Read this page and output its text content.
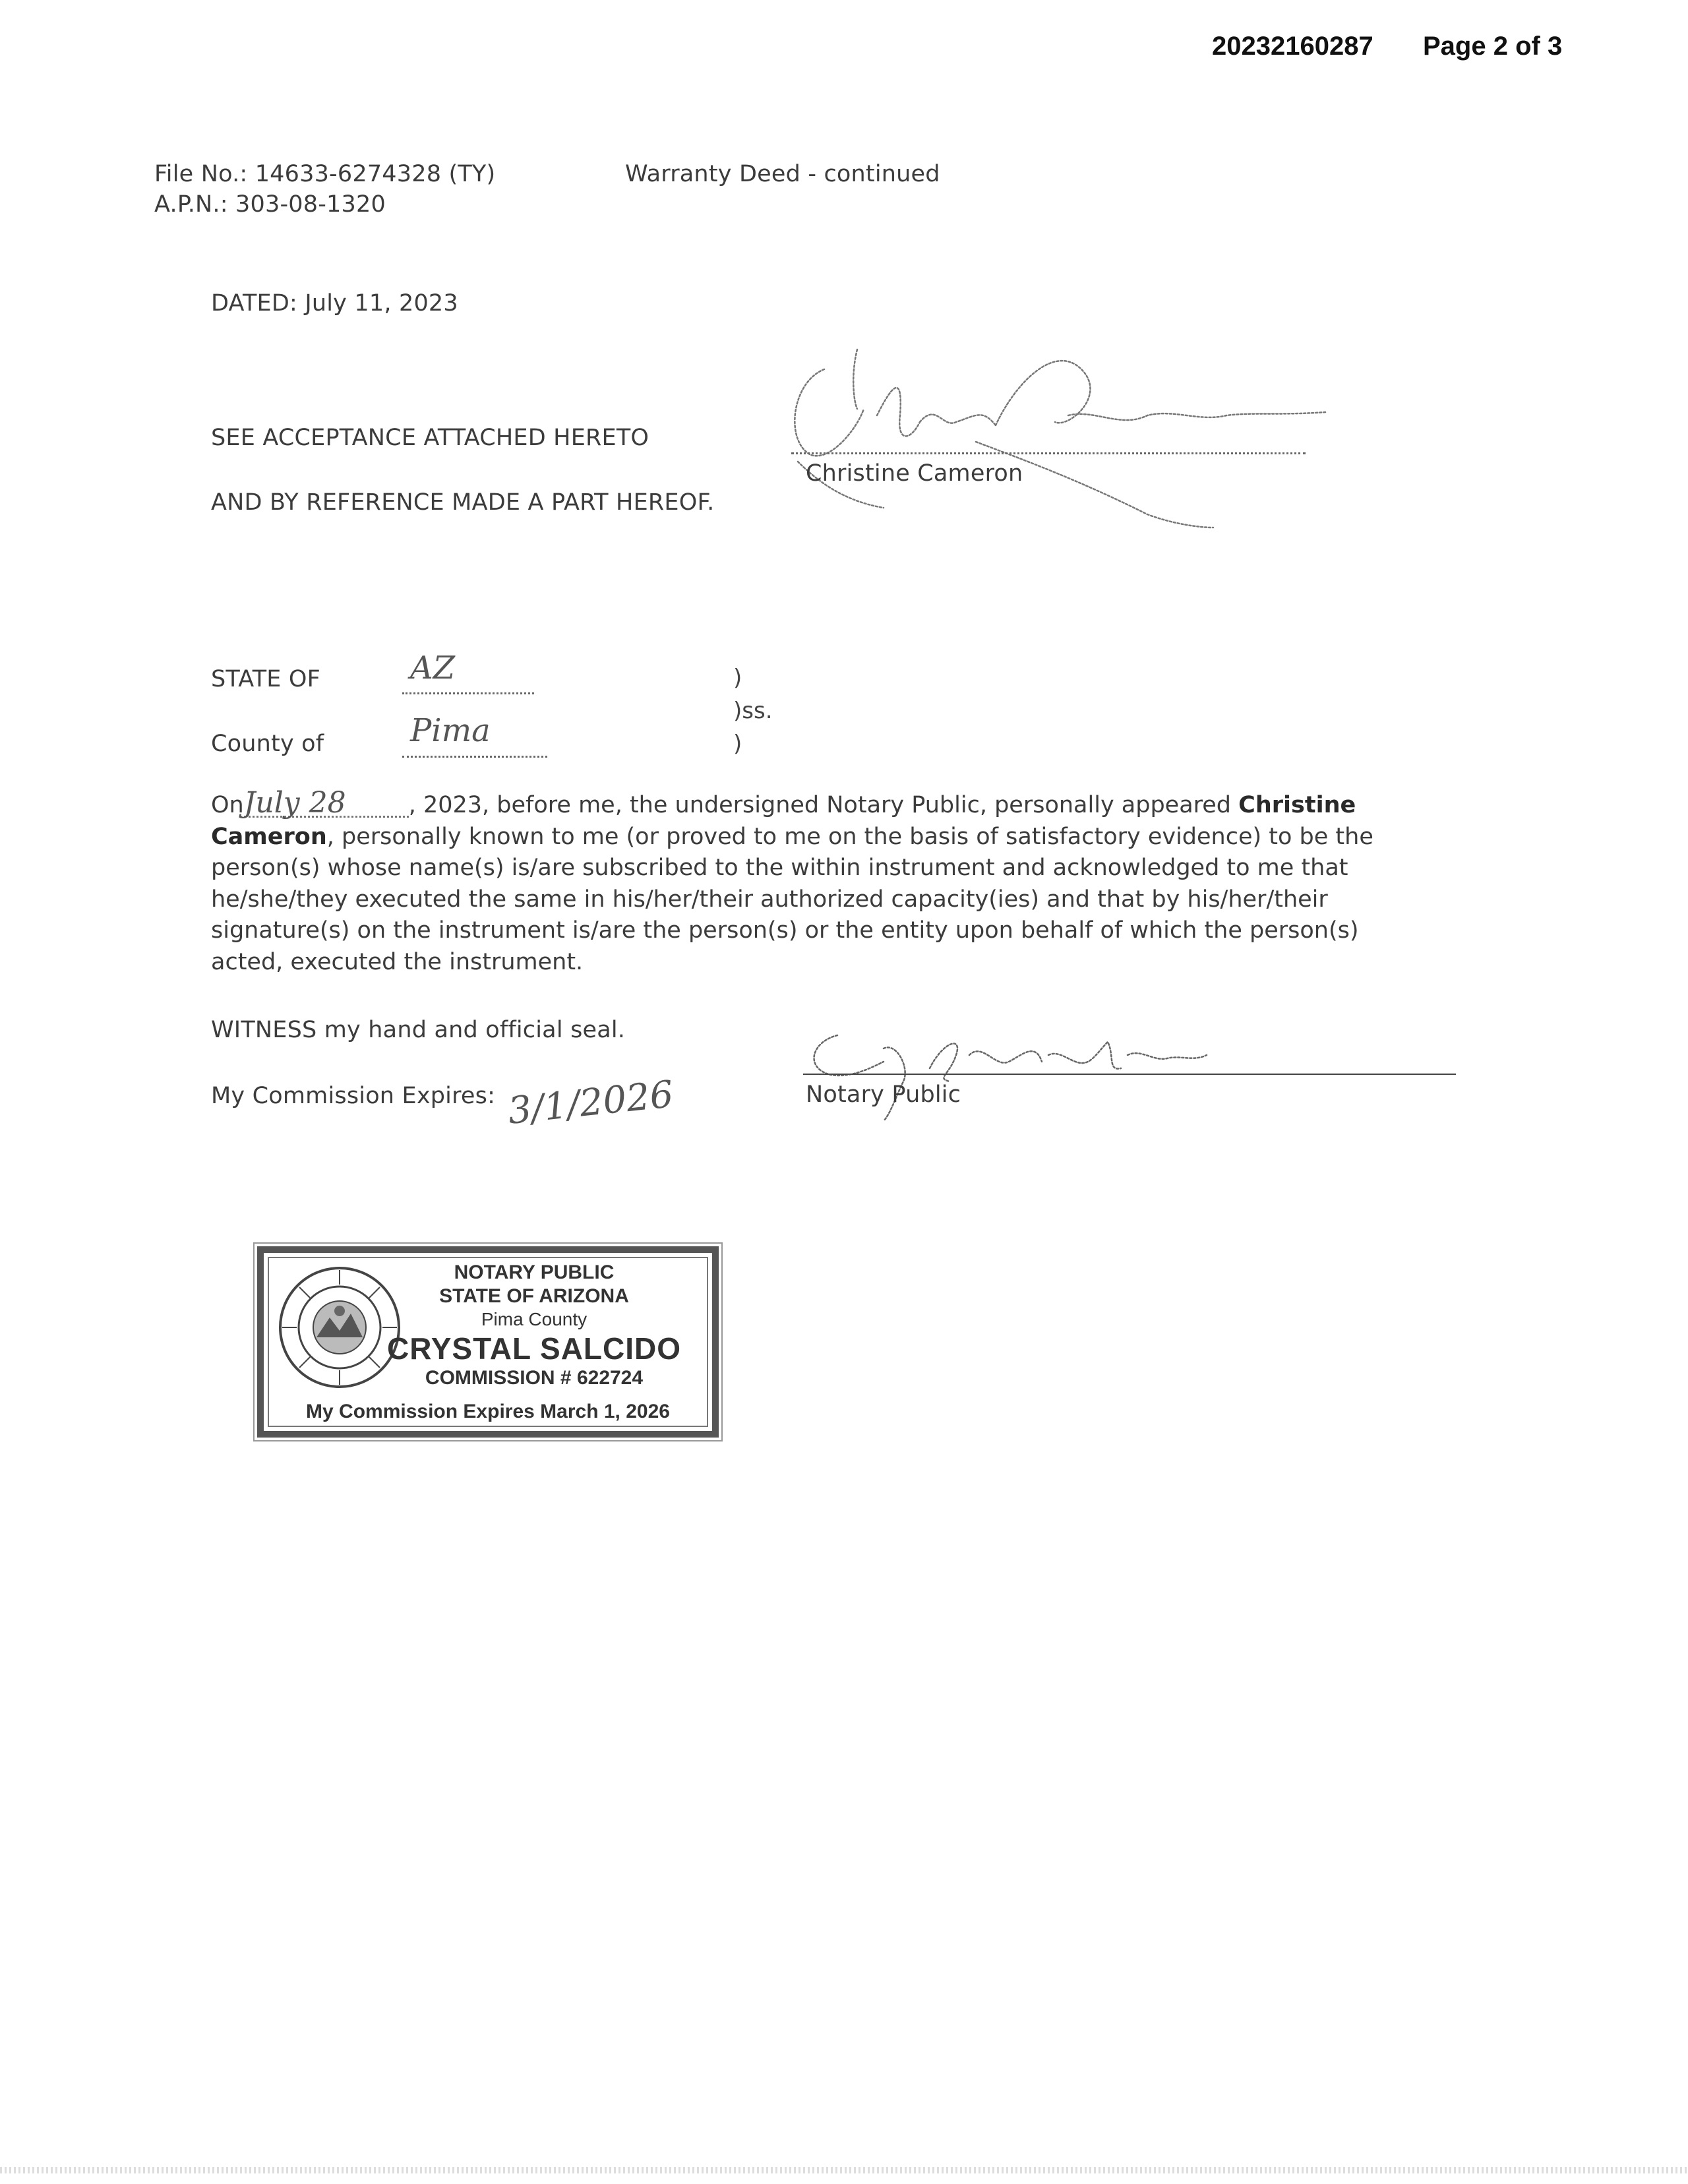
20232160287 Page 2 of 3
File No.: 14633-6274328 (TY)
A.P.N.: 303-08-1320
Warranty Deed - continued
DATED: July 11, 2023
SEE ACCEPTANCE ATTACHED HERETO
AND BY REFERENCE MADE A PART HEREOF.
Christine Cameron
STATE OF	AZ
County of	Pima
)
)ss.
)
OnJuly 28	, 2023, before me, the undersigned Notary Public, personally appeared Christine
Cameron, personally known to me (or proved to me on the basis of satisfactory evidence) to be the
person(s) whose name(s) is/are subscribed to the within instrument and acknowledged to me that
he/she/they executed the same in his/her/their authorized capacity(ies) and that by his/her/their
signature(s) on the instrument is/are the person(s) or the entity upon behalf of which the person(s)
acted, executed the instrument.
WITNESS my hand and official seal.
Notary Public
My Commission Expires: 3/1/2026
NOTARY PUBLIC
STATE OF ARIZONA
Pima County
CRYSTAL SALCIDO
COMMISSION # 622724
My Commission Expires March 1, 2026
